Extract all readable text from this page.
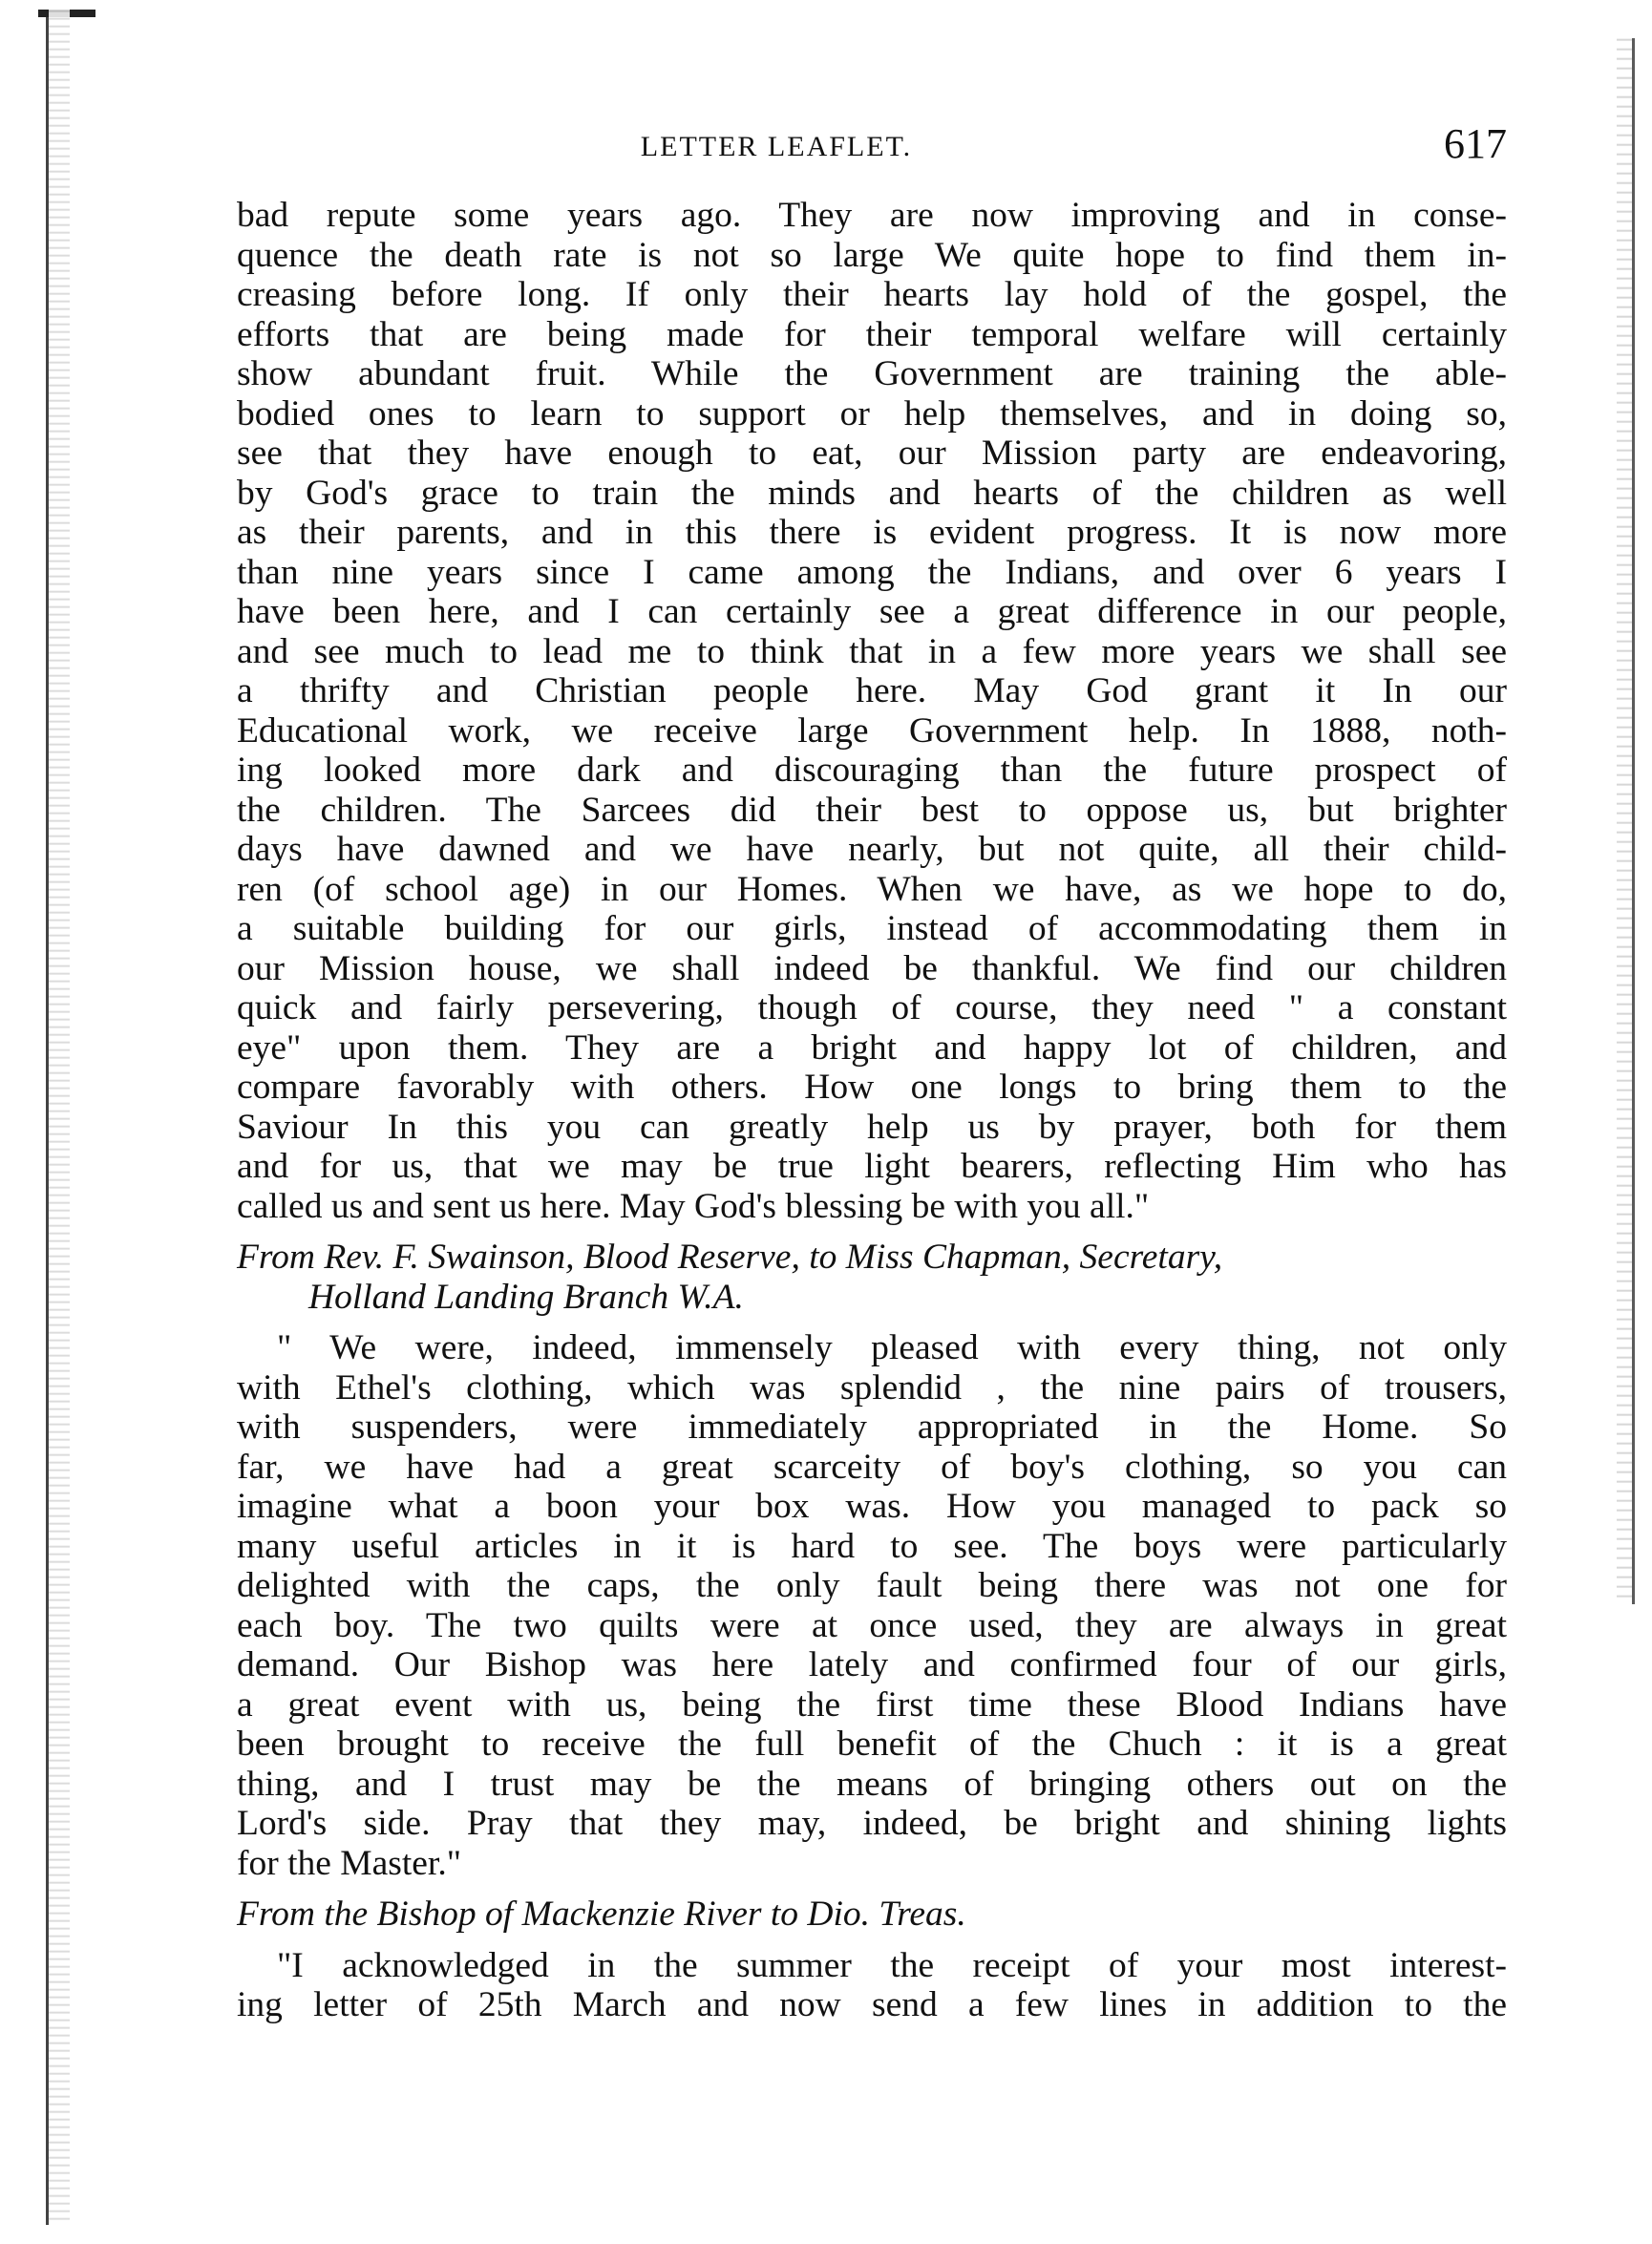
LETTER LEAFLET.	617
bad repute some years ago. They are now improving and in conse-
quence the death rate is not so large We quite hope to find them in-
creasing before long. If only their hearts lay hold of the gospel, the
efforts that are being made for their temporal welfare will certainly
show abundant fruit. While the Government are training the able-
bodied ones to learn to support or help themselves, and in doing so,
see that they have enough to eat, our Mission party are endeavoring,
by God's grace to train the minds and hearts of the children as well
as their parents, and in this there is evident progress. It is now more
than nine years since I came among the Indians, and over 6 years I
have been here, and I can certainly see a great difference in our people,
and see much to lead me to think that in a few more years we shall see
a thrifty and Christian people here. May God grant it In our
Educational work, we receive large Government help. In 1888, noth-
ing looked more dark and discouraging than the future prospect of
the children. The Sarcees did their best to oppose us, but brighter
days have dawned and we have nearly, but not quite, all their child-
ren (of school age) in our Homes. When we have, as we hope to do,
a suitable building for our girls, instead of accommodating them in
our Mission house, we shall indeed be thankful. We find our children
quick and fairly persevering, though of course, they need " a constant
eye" upon them. They are a bright and happy lot of children, and
compare favorably with others. How one longs to bring them to the
Saviour In this you can greatly help us by prayer, both for them
and for us, that we may be true light bearers, reflecting Him who has
called us and sent us here. May God's blessing be with you all."
From Rev. F. Swainson, Blood Reserve, to Miss Chapman, Secretary,
Holland Landing Branch W.A.
" We were, indeed, immensely pleased with every thing, not only
with Ethel's clothing, which was splendid , the nine pairs of trousers,
with suspenders, were immediately appropriated in the Home. So
far, we have had a great scarceity of boy's clothing, so you can
imagine what a boon your box was. How you managed to pack so
many useful articles in it is hard to see. The boys were particularly
delighted with the caps, the only fault being there was not one for
each boy. The two quilts were at once used, they are always in great
demand. Our Bishop was here lately and confirmed four of our girls,
a great event with us, being the first time these Blood Indians have
been brought to receive the full benefit of the Chuch : it is a great
thing, and I trust may be the means of bringing others out on the
Lord's side. Pray that they may, indeed, be bright and shining lights
for the Master."
From the Bishop of Mackenzie River to Dio. Treas.
"I acknowledged in the summer the receipt of your most interest-
ing letter of 25th March and now send a few lines in addition to the
